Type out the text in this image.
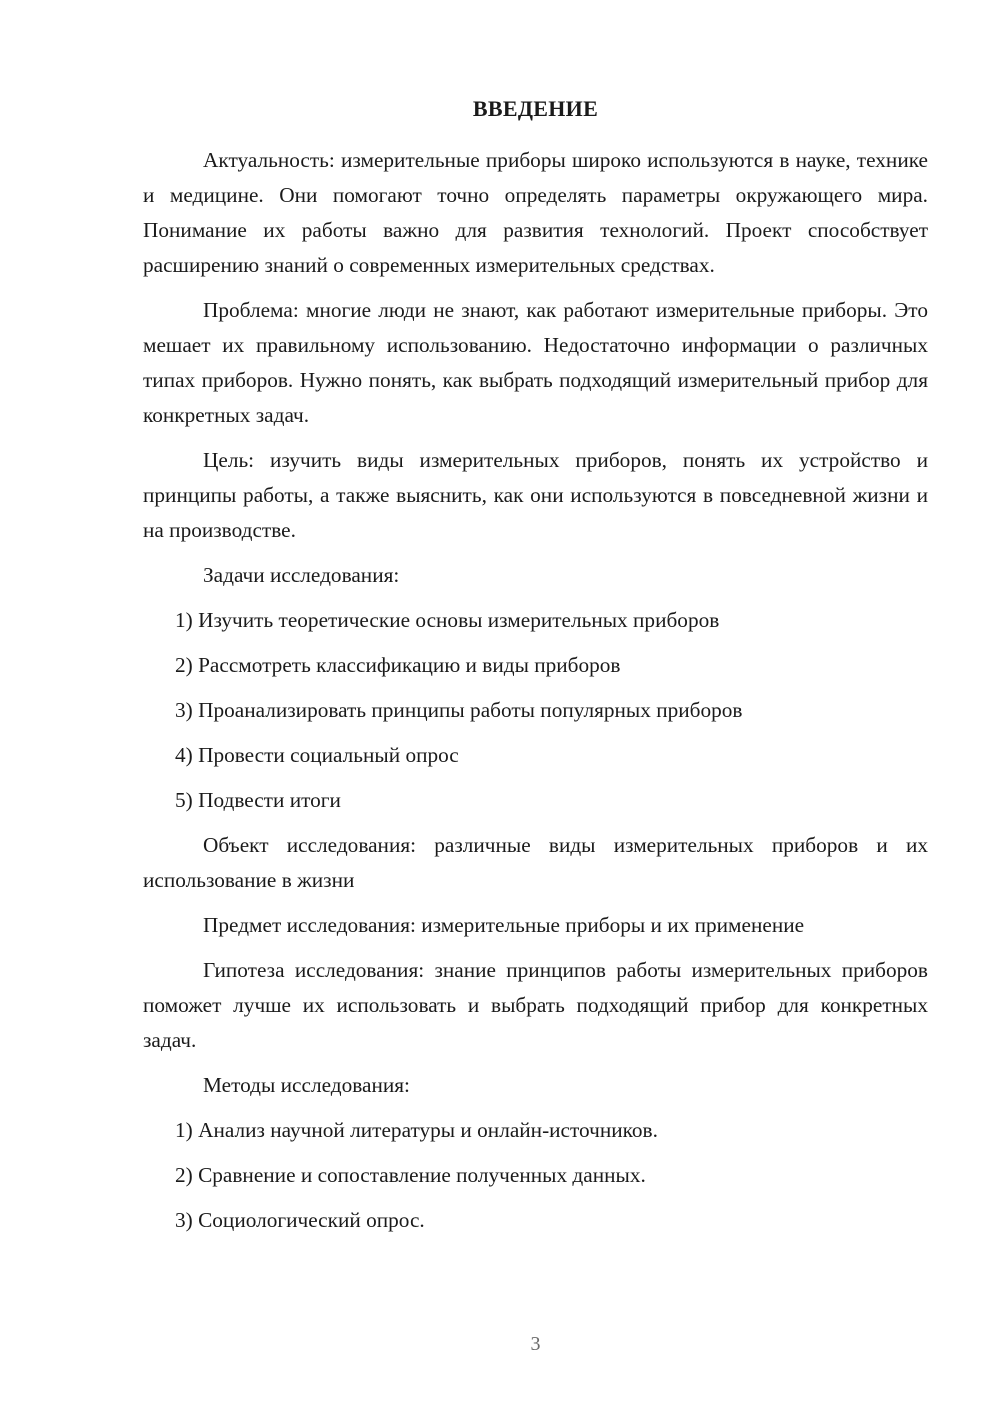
ВВЕДЕНИЕ

Актуальность: измерительные приборы широко используются в науке, технике и медицине. Они помогают точно определять параметры окружающего мира. Понимание их работы важно для развития технологий. Проект способствует расширению знаний о современных измерительных средствах.

Проблема: многие люди не знают, как работают измерительные приборы. Это мешает их правильному использованию. Недостаточно информации о различных типах приборов. Нужно понять, как выбрать подходящий измерительный прибор для конкретных задач.

Цель: изучить виды измерительных приборов, понять их устройство и принципы работы, а также выяснить, как они используются в повседневной жизни и на производстве.

Задачи исследования:

1) Изучить теоретические основы измерительных приборов

2) Рассмотреть классификацию и виды приборов

3) Проанализировать принципы работы популярных приборов

4) Провести социальный опрос

5) Подвести итоги

Объект исследования: различные виды измерительных приборов и их использование в жизни

Предмет исследования: измерительные приборы и их применение

Гипотеза исследования: знание принципов работы измерительных приборов поможет лучше их использовать и выбрать подходящий прибор для конкретных задач.

Методы исследования:

1) Анализ научной литературы и онлайн-источников.

2) Сравнение и сопоставление полученных данных.

3) Социологический опрос.

3
